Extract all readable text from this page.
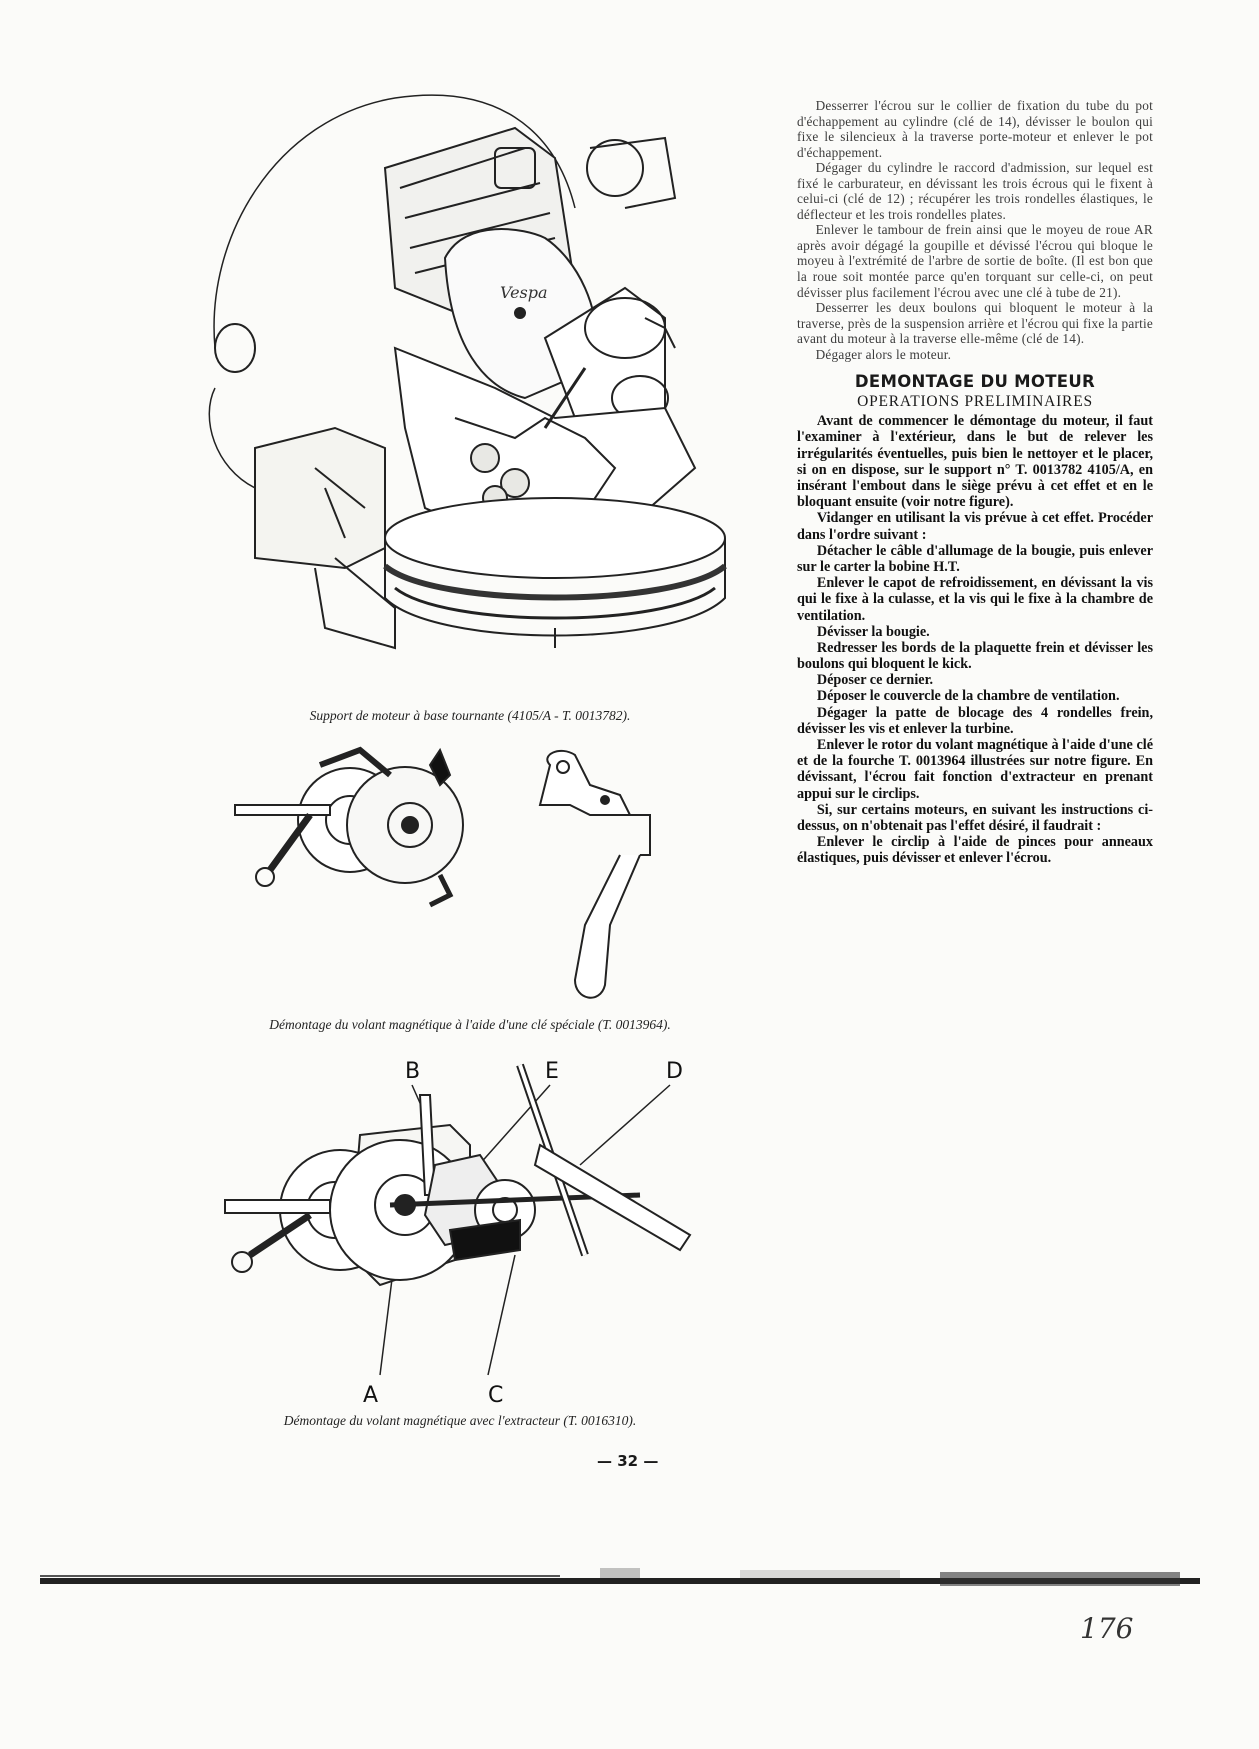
Vespa
Support de moteur à base tournante (4105/A - T. 0013782).
Démontage du volant magnétique à l'aide d'une clé spéciale (T. 0013964).
B	E	D
A	C
Démontage du volant magnétique avec l'extracteur (T. 0016310).

Desserrer l'écrou sur le collier de fixation du tube du pot d'échappement au cylindre (clé de 14), dévisser le boulon qui fixe le silencieux à la traverse porte-moteur et enlever le pot d'échappement.

Dégager du cylindre le raccord d'admission, sur lequel est fixé le carburateur, en dévissant les trois écrous qui le fixent à celui-ci (clé de 12) ; récupérer les trois rondelles élastiques, le déflecteur et les trois rondelles plates.

Enlever le tambour de frein ainsi que le moyeu de roue AR après avoir dégagé la goupille et dévissé l'écrou qui bloque le moyeu à l'extrémité de l'arbre de sortie de boîte. (Il est bon que la roue soit montée parce qu'en torquant sur celle-ci, on peut dévisser plus facilement l'écrou avec une clé à tube de 21).

Desserrer les deux boulons qui bloquent le moteur à la traverse, près de la suspension arrière et l'écrou qui fixe la partie avant du moteur à la traverse elle-même (clé de 14).

Dégager alors le moteur.

DEMONTAGE DU MOTEUR
OPERATIONS PRELIMINAIRES

Avant de commencer le démontage du moteur, il faut l'examiner à l'extérieur, dans le but de relever les irrégularités éventuelles, puis bien le nettoyer et le placer, si on en dispose, sur le support n° T. 0013782 4105/A, en insérant l'embout dans le siège prévu à cet effet et en le bloquant ensuite (voir notre figure).

Vidanger en utilisant la vis prévue à cet effet. Procéder dans l'ordre suivant :

Détacher le câble d'allumage de la bougie, puis enlever sur le carter la bobine H.T.

Enlever le capot de refroidissement, en dévissant la vis qui le fixe à la culasse, et la vis qui le fixe à la chambre de ventilation.

Dévisser la bougie.

Redresser les bords de la plaquette frein et dévisser les boulons qui bloquent le kick.

Déposer ce dernier.

Déposer le couvercle de la chambre de ventilation.

Dégager la patte de blocage des 4 rondelles frein, dévisser les vis et enlever la turbine.

Enlever le rotor du volant magnétique à l'aide d'une clé et de la fourche T. 0013964 illustrées sur notre figure. En dévissant, l'écrou fait fonction d'extracteur en prenant appui sur le circlips.

Si, sur certains moteurs, en suivant les instructions ci-dessus, on n'obtenait pas l'effet désiré, il faudrait :

Enlever le circlip à l'aide de pinces pour anneaux élastiques, puis dévisser et enlever l'écrou.

— 32 —
176
